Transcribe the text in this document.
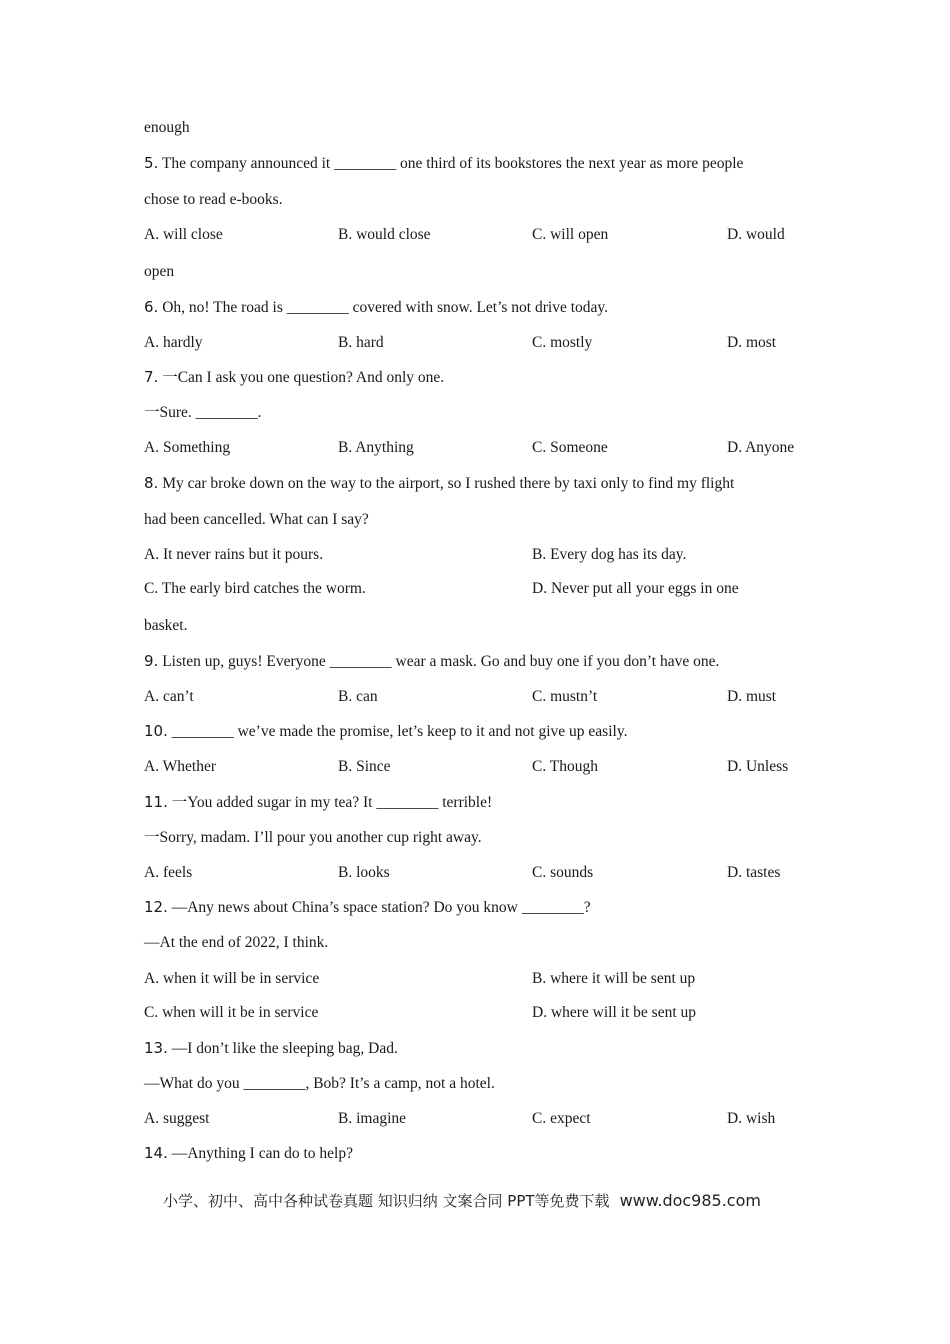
enough
5. The company announced it ________ one third of its bookstores the next year as more people
chose to read e-books.
A. will close	B. would close	C. will open	D. would
open
6. Oh, no! The road is ________ covered with snow. Let’s not drive today.
A. hardly	B. hard	C. mostly	D. most
7. 一Can I ask you one question? And only one.
一Sure. ________.
A. Something	B. Anything	C. Someone	D. Anyone
8. My car broke down on the way to the airport, so I rushed there by taxi only to find my flight
had been cancelled. What can I say?
A. It never rains but it pours.	B. Every dog has its day.
C. The early bird catches the worm.	D. Never put all your eggs in one
basket.
9. Listen up, guys! Everyone ________ wear a mask. Go and buy one if you don’t have one.
A. can’t	B. can	C. mustn’t	D. must
10. ________ we’ve made the promise, let’s keep to it and not give up easily.
A. Whether	B. Since	C. Though	D. Unless
11. 一You added sugar in my tea? It ________ terrible!
一Sorry, madam. I’ll pour you another cup right away.
A. feels	B. looks	C. sounds	D. tastes
12. —Any news about China’s space station? Do you know ________?
—At the end of 2022, I think.
A. when it will be in service	B. where it will be sent up
C. when will it be in service	D. where will it be sent up
13. —I don’t like the sleeping bag, Dad.
—What do you ________, Bob? It’s a camp, not a hotel.
A. suggest	B. imagine	C. expect	D. wish
14. —Anything I can do to help?
小学、初中、高中各种试卷真题 知识归纳 文案合同 PPT等免费下载 www.doc985.com
